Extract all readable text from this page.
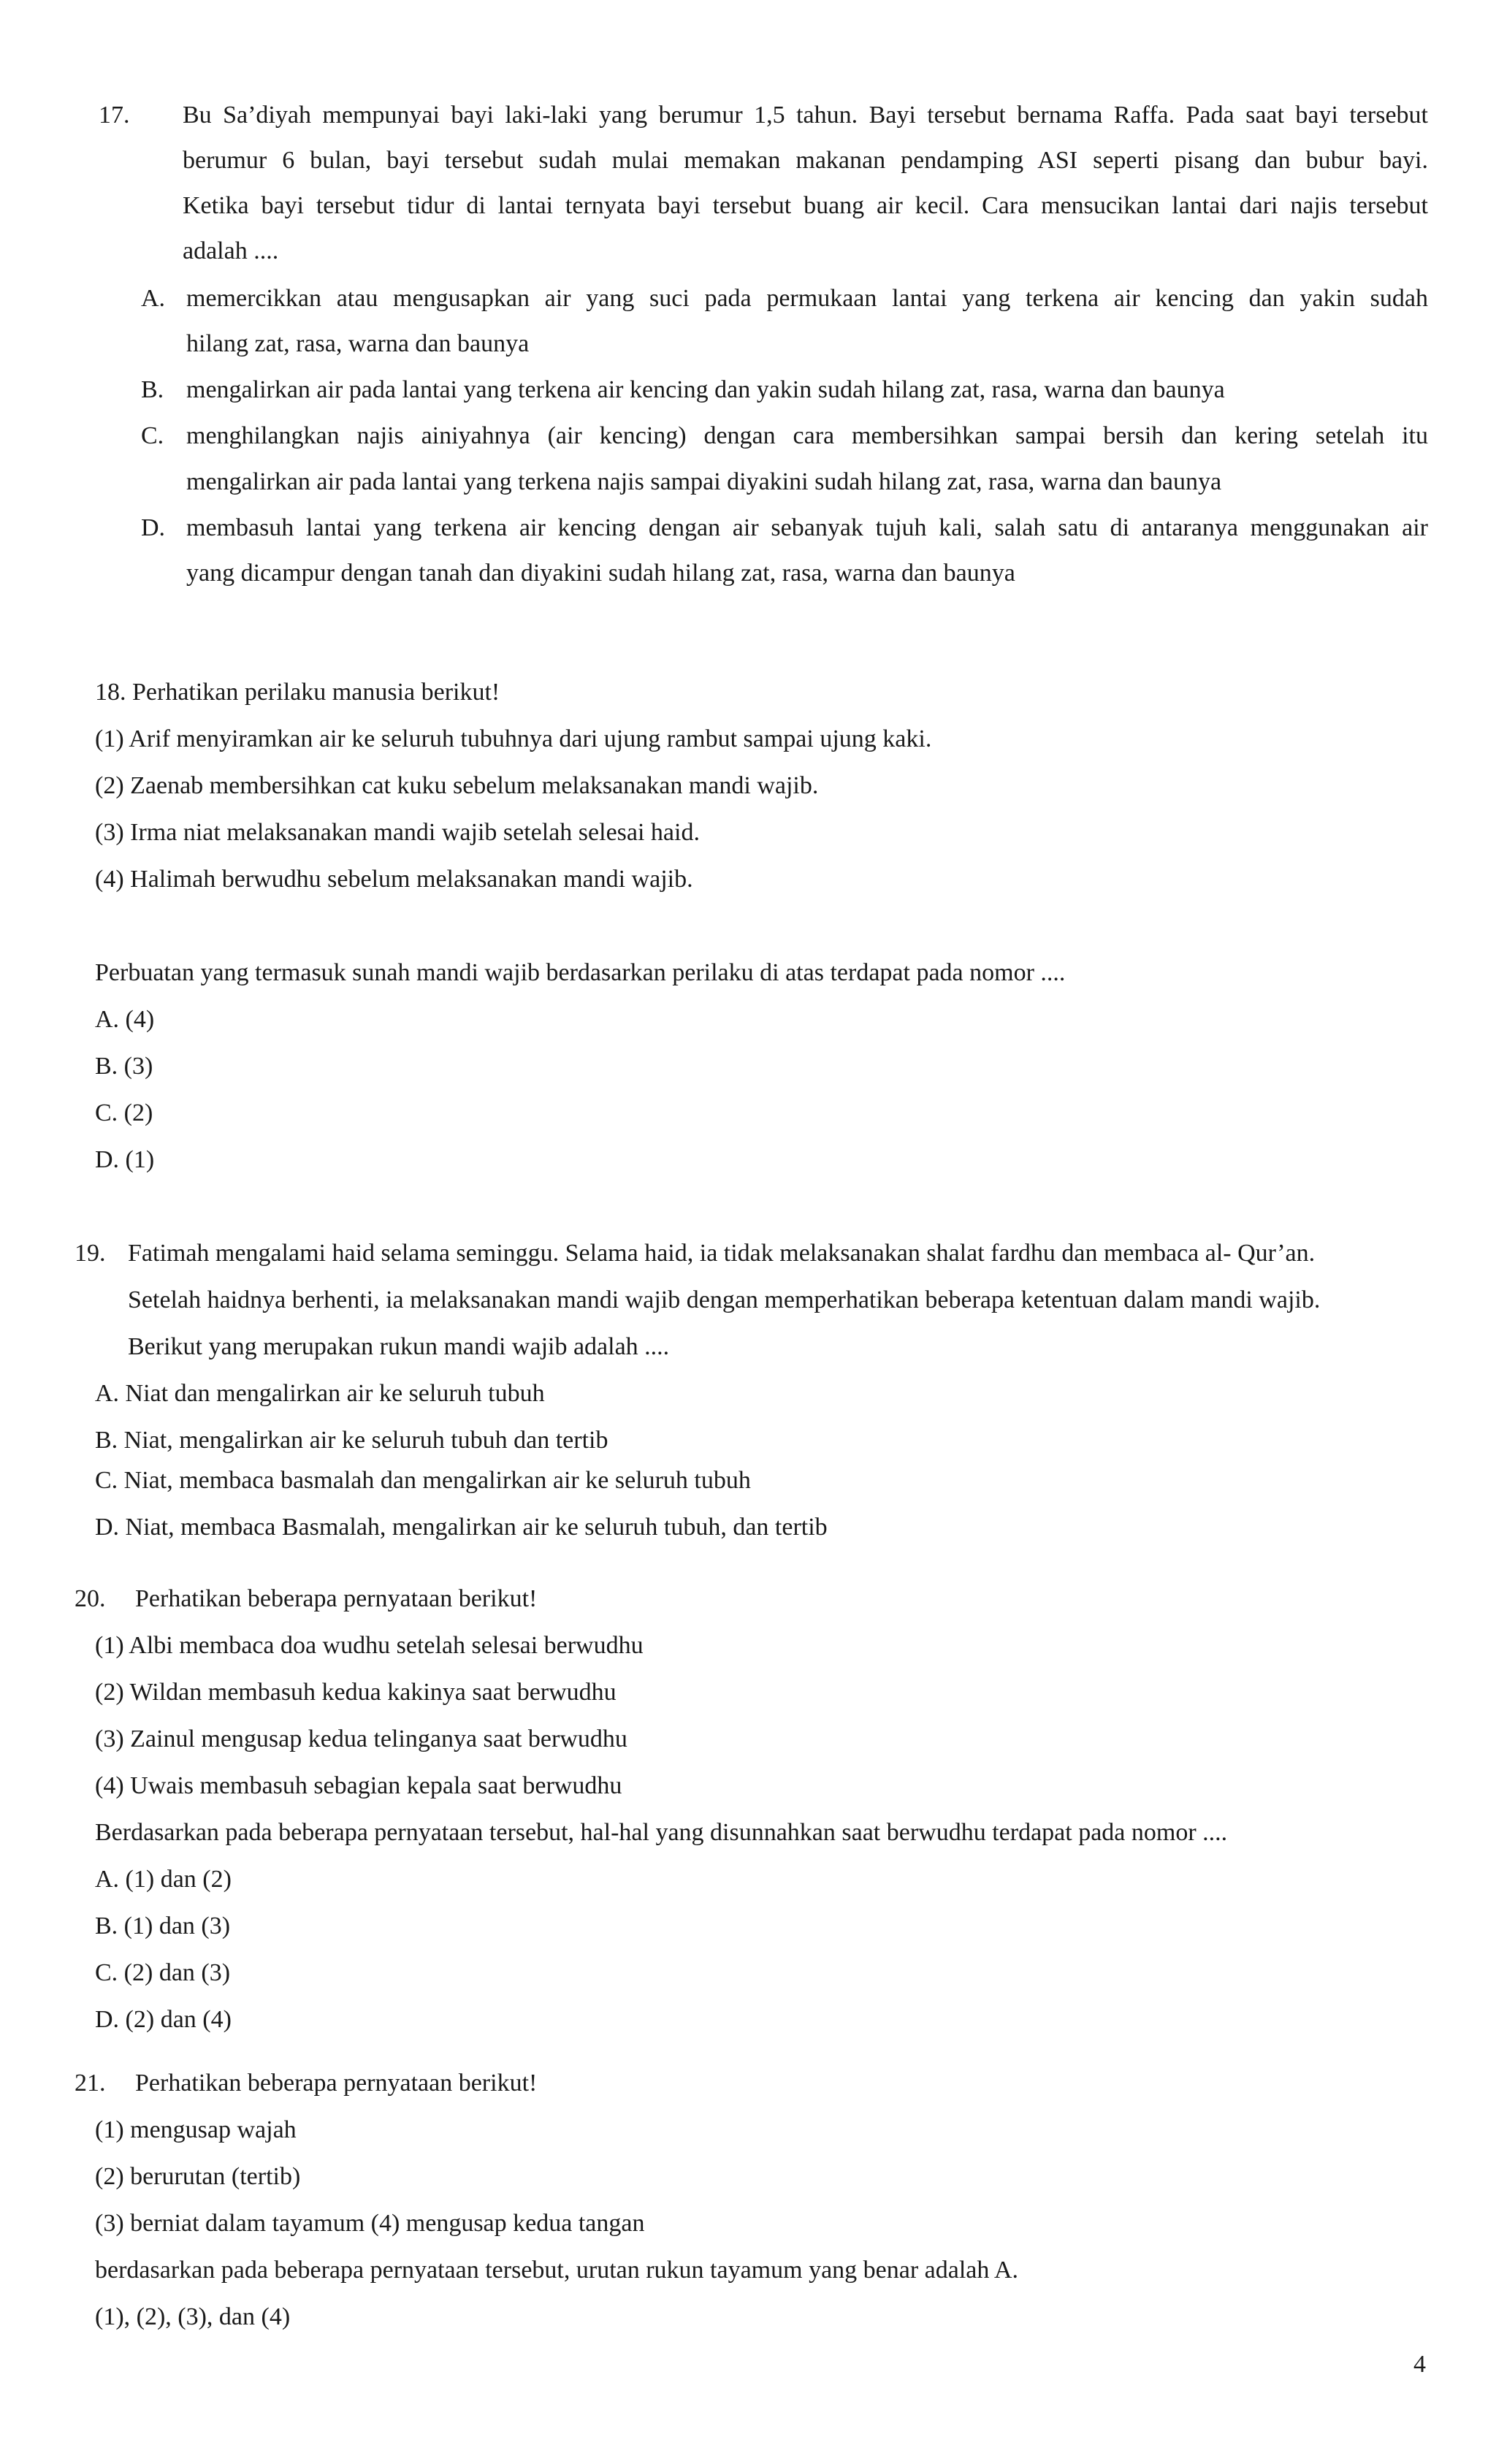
17. Bu Sa’diyah mempunyai bayi laki-laki yang berumur 1,5 tahun. Bayi tersebut bernama Raffa. Pada saat bayi tersebut
berumur 6 bulan, bayi tersebut sudah mulai memakan makanan pendamping ASI seperti pisang dan bubur bayi.
Ketika bayi tersebut tidur di lantai ternyata bayi tersebut buang air kecil. Cara mensucikan lantai dari najis tersebut
adalah ....
A. memercikkan atau mengusapkan air yang suci pada permukaan lantai yang terkena air kencing dan yakin sudah
hilang zat, rasa, warna dan baunya
B. mengalirkan air pada lantai yang terkena air kencing dan yakin sudah hilang zat, rasa, warna dan baunya
C. menghilangkan najis ainiyahnya (air kencing) dengan cara membersihkan sampai bersih dan kering setelah itu
mengalirkan air pada lantai yang terkena najis sampai diyakini sudah hilang zat, rasa, warna dan baunya
D. membasuh lantai yang terkena air kencing dengan air sebanyak tujuh kali, salah satu di antaranya menggunakan air
yang dicampur dengan tanah dan diyakini sudah hilang zat, rasa, warna dan baunya
18. Perhatikan perilaku manusia berikut!
(1) Arif menyiramkan air ke seluruh tubuhnya dari ujung rambut sampai ujung kaki.
(2) Zaenab membersihkan cat kuku sebelum melaksanakan mandi wajib.
(3) Irma niat melaksanakan mandi wajib setelah selesai haid.
(4) Halimah berwudhu sebelum melaksanakan mandi wajib.
Perbuatan yang termasuk sunah mandi wajib berdasarkan perilaku di atas terdapat pada nomor ....
A. (4)
B. (3)
C. (2)
D. (1)
19. Fatimah mengalami haid selama seminggu. Selama haid, ia tidak melaksanakan shalat fardhu dan membaca al- Qur’an.
Setelah haidnya berhenti, ia melaksanakan mandi wajib dengan memperhatikan beberapa ketentuan dalam mandi wajib.
Berikut yang merupakan rukun mandi wajib adalah ....
A. Niat dan mengalirkan air ke seluruh tubuh
B. Niat, mengalirkan air ke seluruh tubuh dan tertib
C. Niat, membaca basmalah dan mengalirkan air ke seluruh tubuh
D. Niat, membaca Basmalah, mengalirkan air ke seluruh tubuh, dan tertib
20. Perhatikan beberapa pernyataan berikut!
(1) Albi membaca doa wudhu setelah selesai berwudhu
(2) Wildan membasuh kedua kakinya saat berwudhu
(3) Zainul mengusap kedua telinganya saat berwudhu
(4) Uwais membasuh sebagian kepala saat berwudhu
Berdasarkan pada beberapa pernyataan tersebut, hal-hal yang disunnahkan saat berwudhu terdapat pada nomor ....
A. (1) dan (2)
B. (1) dan (3)
C. (2) dan (3)
D. (2) dan (4)
21. Perhatikan beberapa pernyataan berikut!
(1) mengusap wajah
(2) berurutan (tertib)
(3) berniat dalam tayamum (4) mengusap kedua tangan
berdasarkan pada beberapa pernyataan tersebut, urutan rukun tayamum yang benar adalah A.
(1), (2), (3), dan (4)
4
